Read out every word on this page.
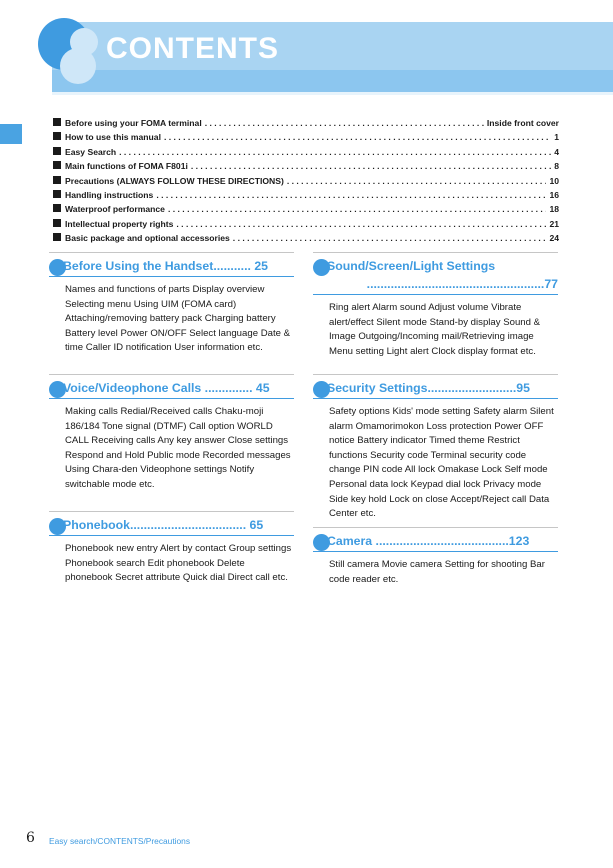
CONTENTS
Before using your FOMA terminal . . .	Inside front cover
How to use this manual . . .	1
Easy Search . . .	4
Main functions of FOMA F801i . . .	8
Precautions (ALWAYS FOLLOW THESE DIRECTIONS) . . .	10
Handling instructions . . .	16
Waterproof performance . . .	18
Intellectual property rights . . .	21
Basic package and optional accessories . . .	24
Before Using the Handset........... 25
Names and functions of parts Display overview Selecting menu Using UIM (FOMA card) Attaching/removing battery pack Charging battery Battery level Power ON/OFF Select language Date & time Caller ID notification User information etc.
Voice/Videophone Calls .............. 45
Making calls Redial/Received calls Chaku-moji 186/184 Tone signal (DTMF) Call option WORLD CALL Receiving calls Any key answer Close settings Respond and Hold Public mode Recorded messages Using Chara-den Videophone settings Notify switchable mode etc.
Phonebook.................................. 65
Phonebook new entry Alert by contact Group settings Phonebook search Edit phonebook Delete phonebook Secret attribute Quick dial Direct call etc.
Sound/Screen/Light Settings
....................................................77
Ring alert Alarm sound Adjust volume Vibrate alert/effect Silent mode Stand-by display Sound & Image Outgoing/Incoming mail/Retrieving image Menu setting Light alert Clock display format etc.
Security Settings..........................95
Safety options Kids' mode setting Safety alarm Silent alarm Omamorimokon Loss protection Power OFF notice Battery indicator Timed theme Restrict functions Security code Terminal security code change PIN code All lock Omakase Lock Self mode Personal data lock Keypad dial lock Privacy mode Side key hold Lock on close Accept/Reject call Data Center etc.
Camera .......................................123
Still camera Movie camera Setting for shooting Bar code reader etc.
6 Easy search/CONTENTS/Precautions
